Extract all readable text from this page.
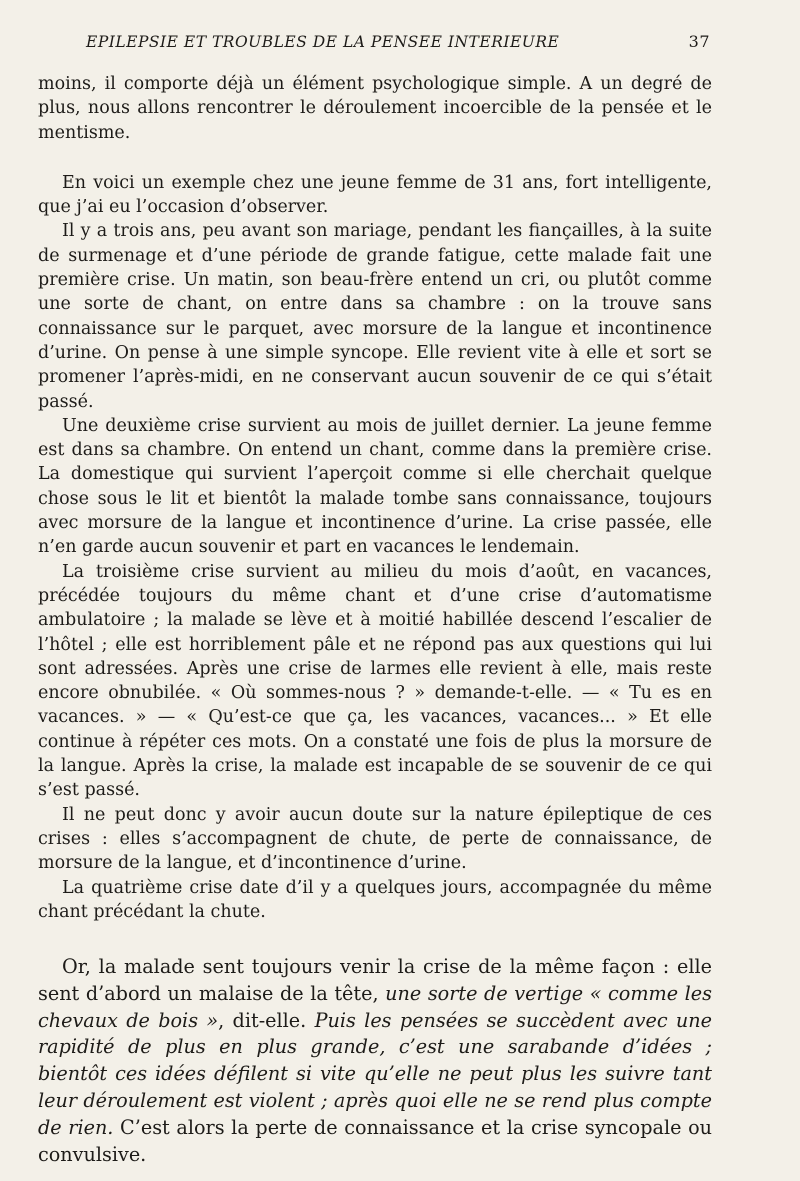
EPILEPSIE ET TROUBLES DE LA PENSEE INTERIEURE	37

moins, il comporte déjà un élément psychologique simple. A un degré de plus, nous allons rencontrer le déroulement incoercible de la pensée et le mentisme.

En voici un exemple chez une jeune femme de 31 ans, fort intelligente, que j’ai eu l’occasion d’observer.

Il y a trois ans, peu avant son mariage, pendant les fiançailles, à la suite de surmenage et d’une période de grande fatigue, cette malade fait une première crise. Un matin, son beau-frère entend un cri, ou plutôt comme une sorte de chant, on entre dans sa chambre : on la trouve sans connaissance sur le parquet, avec morsure de la langue et incontinence d’urine. On pense à une simple syncope. Elle revient vite à elle et sort se promener l’après-midi, en ne conservant aucun souvenir de ce qui s’était passé.

Une deuxième crise survient au mois de juillet dernier. La jeune femme est dans sa chambre. On entend un chant, comme dans la première crise. La domestique qui survient l’aperçoit comme si elle cherchait quelque chose sous le lit et bientôt la malade tombe sans connaissance, toujours avec morsure de la langue et incontinence d’urine. La crise passée, elle n’en garde aucun souvenir et part en vacances le lendemain.

La troisième crise survient au milieu du mois d’août, en vacances, précédée toujours du même chant et d’une crise d’automatisme ambulatoire ; la malade se lève et à moitié habillée descend l’escalier de l’hôtel ; elle est horriblement pâle et ne répond pas aux questions qui lui sont adressées. Après une crise de larmes elle revient à elle, mais reste encore obnubilée. « Où sommes-nous ? » demande-t-elle. — « Tu es en vacances. » — « Qu’est-ce que ça, les vacances, vacances... » Et elle continue à répéter ces mots. On a constaté une fois de plus la morsure de la langue. Après la crise, la malade est incapable de se souvenir de ce qui s’est passé.

Il ne peut donc y avoir aucun doute sur la nature épileptique de ces crises : elles s’accompagnent de chute, de perte de connaissance, de morsure de la langue, et d’incontinence d’urine.

La quatrième crise date d’il y a quelques jours, accompagnée du même chant précédant la chute.

Or, la malade sent toujours venir la crise de la même façon : elle sent d’abord un malaise de la tête, une sorte de vertige « comme les chevaux de bois », dit-elle. Puis les pensées se succèdent avec une rapidité de plus en plus grande, c’est une sarabande d’idées ; bientôt ces idées défilent si vite qu’elle ne peut plus les suivre tant leur déroulement est violent ; après quoi elle ne se rend plus compte de rien. C’est alors la perte de connaissance et la crise syncopale ou convulsive.
